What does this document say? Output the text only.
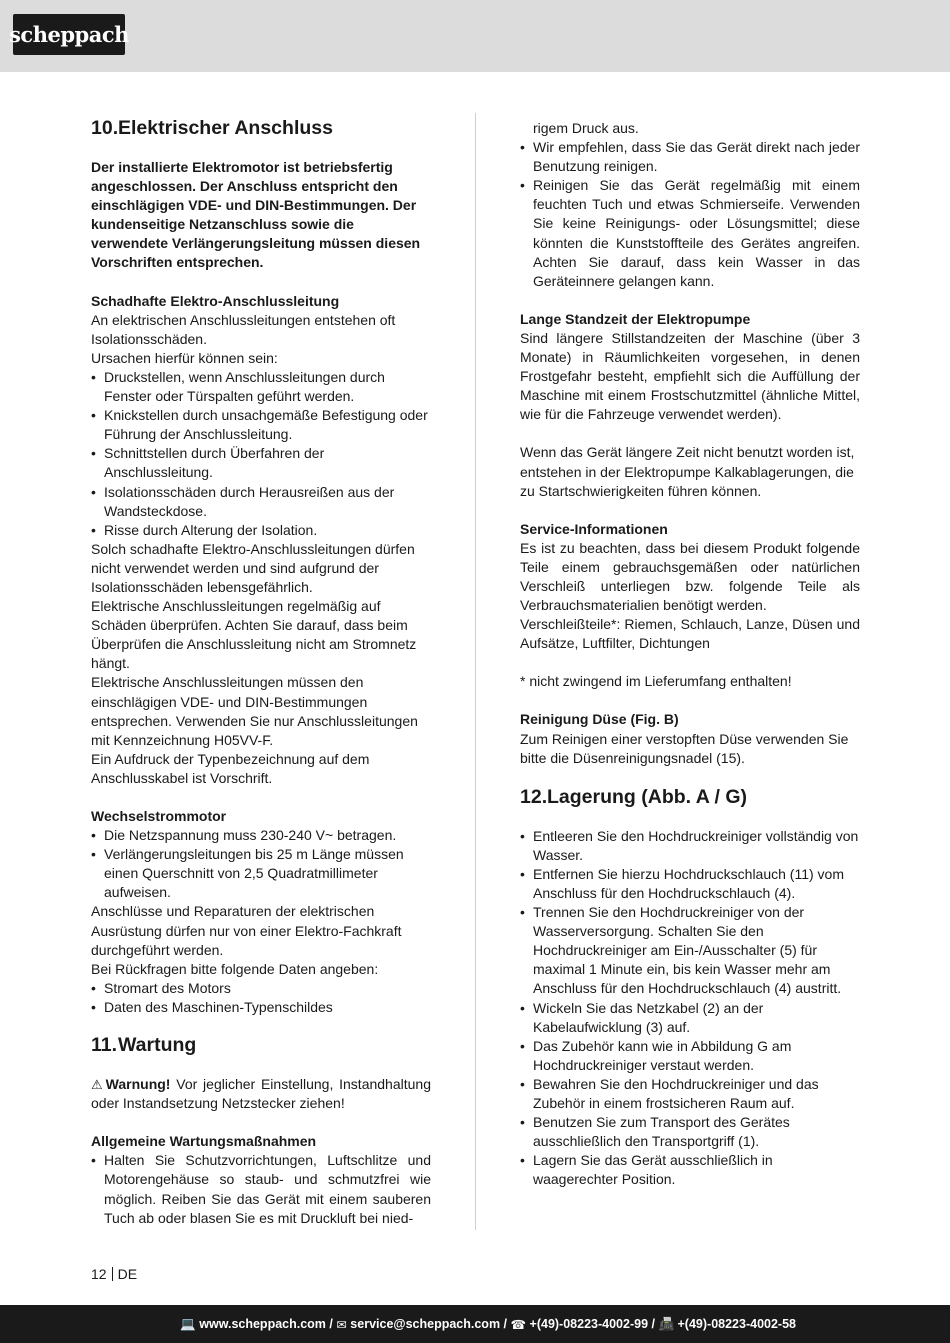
scheppach
10.Elektrischer Anschluss

Der installierte Elektromotor ist betriebsfertig angeschlossen. Der Anschluss entspricht den einschlägigen VDE- und DIN-Bestimmungen. Der kundenseitige Netzanschluss sowie die verwendete Verlängerungsleitung müssen diesen Vorschriften entsprechen.

Schadhafte Elektro-Anschlussleitung

An elektrischen Anschlussleitungen entstehen oft Isolationsschäden.

Ursachen hierfür können sein:

• Druckstellen, wenn Anschlussleitungen durch Fenster oder Türspalten geführt werden.
• Knickstellen durch unsachgemäße Befestigung oder Führung der Anschlussleitung.
• Schnittstellen durch Überfahren der Anschlussleitung.
• Isolationsschäden durch Herausreißen aus der Wandsteckdose.
• Risse durch Alterung der Isolation.

Solch schadhafte Elektro-Anschlussleitungen dürfen nicht verwendet werden und sind aufgrund der Isolationsschäden lebensgefährlich.

Elektrische Anschlussleitungen regelmäßig auf Schäden überprüfen. Achten Sie darauf, dass beim Überprüfen die Anschlussleitung nicht am Stromnetz hängt.

Elektrische Anschlussleitungen müssen den einschlägigen VDE- und DIN-Bestimmungen entsprechen. Verwenden Sie nur Anschlussleitungen mit Kennzeichnung H05VV-F.

Ein Aufdruck der Typenbezeichnung auf dem Anschlusskabel ist Vorschrift.

Wechselstrommotor

• Die Netzspannung muss 230-240 V~ betragen.
• Verlängerungsleitungen bis 25 m Länge müssen einen Querschnitt von 2,5 Quadratmillimeter aufweisen.

Anschlüsse und Reparaturen der elektrischen Ausrüstung dürfen nur von einer Elektro-Fachkraft durchgeführt werden.

Bei Rückfragen bitte folgende Daten angeben:

• Stromart des Motors
• Daten des Maschinen-Typenschildes
11.Wartung

⚠ Warnung! Vor jeglicher Einstellung, Instandhaltung oder Instandsetzung Netzstecker ziehen!

Allgemeine Wartungsmaßnahmen

• Halten Sie Schutzvorrichtungen, Luftschlitze und Motorengehäuse so staub- und schmutzfrei wie möglich. Reiben Sie das Gerät mit einem sauberen Tuch ab oder blasen Sie es mit Druckluft bei nied-

rigem Druck aus.

• Wir empfehlen, dass Sie das Gerät direkt nach jeder Benutzung reinigen.
• Reinigen Sie das Gerät regelmäßig mit einem feuchten Tuch und etwas Schmierseife. Verwenden Sie keine Reinigungs- oder Lösungsmittel; diese könnten die Kunststoffteile des Gerätes angreifen. Achten Sie darauf, dass kein Wasser in das Geräteinnere gelangen kann.

Lange Standzeit der Elektropumpe

Sind längere Stillstandzeiten der Maschine (über 3 Monate) in Räumlichkeiten vorgesehen, in denen Frostgefahr besteht, empfiehlt sich die Auffüllung der Maschine mit einem Frostschutzmittel (ähnliche Mittel, wie für die Fahrzeuge verwendet werden).

Wenn das Gerät längere Zeit nicht benutzt worden ist, entstehen in der Elektropumpe Kalkablagerungen, die zu Startschwierigkeiten führen können.

Service-Informationen

Es ist zu beachten, dass bei diesem Produkt folgende Teile einem gebrauchsgemäßen oder natürlichen Verschleiß unterliegen bzw. folgende Teile als Verbrauchsmaterialien benötigt werden.

Verschleißteile*: Riemen, Schlauch, Lanze, Düsen und Aufsätze, Luftfilter, Dichtungen

* nicht zwingend im Lieferumfang enthalten!

Reinigung Düse (Fig. B)

Zum Reinigen einer verstopften Düse verwenden Sie bitte die Düsenreinigungsnadel (15).

12.Lagerung (Abb. A / G)
• Entleeren Sie den Hochdruckreiniger vollständig von Wasser.
• Entfernen Sie hierzu Hochdruckschlauch (11) vom Anschluss für den Hochdruckschlauch (4).
• Trennen Sie den Hochdruckreiniger von der Wasserversorgung. Schalten Sie den Hochdruckreiniger am Ein-/Ausschalter (5) für maximal 1 Minute ein, bis kein Wasser mehr am Anschluss für den Hochdruckschlauch (4) austritt.
• Wickeln Sie das Netzkabel (2) an der Kabelaufwicklung (3) auf.
• Das Zubehör kann wie in Abbildung G am Hochdruckreiniger verstaut werden.
• Bewahren Sie den Hochdruckreiniger und das Zubehör in einem frostsicheren Raum auf.
• Benutzen Sie zum Transport des Gerätes ausschließlich den Transportgriff (1).
• Lagern Sie das Gerät ausschließlich in waagerechter Position.
12 DE
💻 www.scheppach.com / ✉ service@scheppach.com / ☎ +(49)-08223-4002-99 / 📠 +(49)-08223-4002-58
